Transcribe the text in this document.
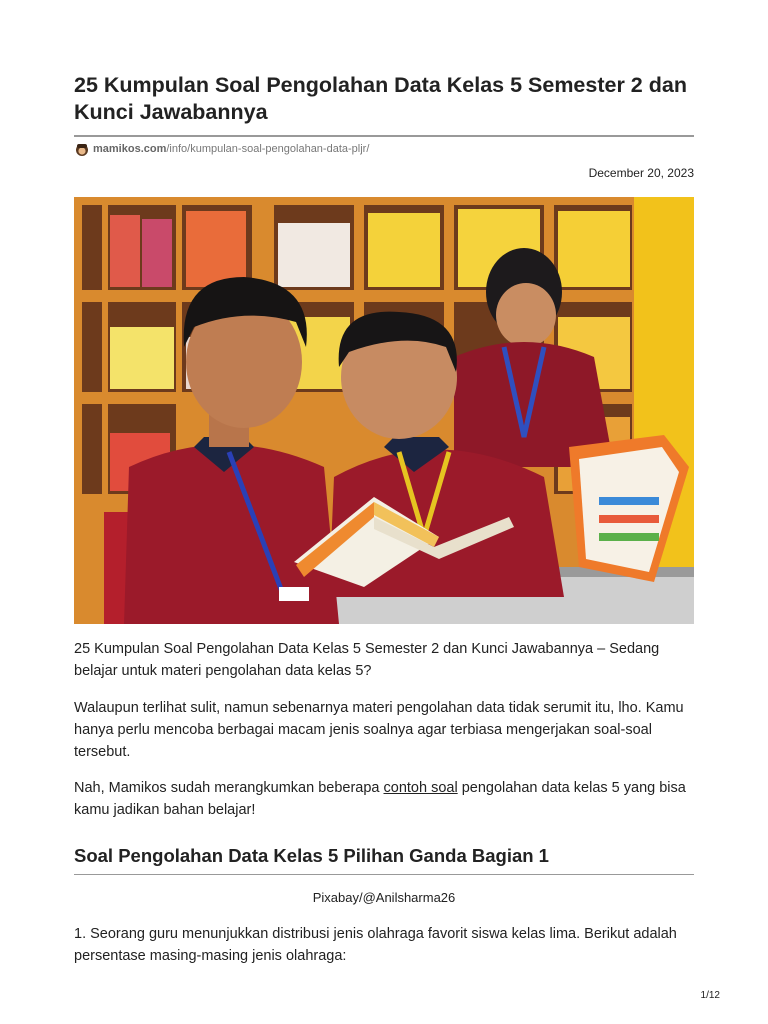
25 Kumpulan Soal Pengolahan Data Kelas 5 Semester 2 dan Kunci Jawabannya
mamikos.com /info/kumpulan-soal-pengolahan-data-pljr/
December 20, 2023

25 Kumpulan Soal Pengolahan Data Kelas 5 Semester 2 dan Kunci Jawabannya – Sedang belajar untuk materi pengolahan data kelas 5?

Walaupun terlihat sulit, namun sebenarnya materi pengolahan data tidak serumit itu, lho. Kamu hanya perlu mencoba berbagai macam jenis soalnya agar terbiasa mengerjakan soal-soal tersebut.

Nah, Mamikos sudah merangkumkan beberapa contoh soal pengolahan data kelas 5 yang bisa kamu jadikan bahan belajar!

Soal Pengolahan Data Kelas 5 Pilihan Ganda Bagian 1
Pixabay/@Anilsharma26

1. Seorang guru menunjukkan distribusi jenis olahraga favorit siswa kelas lima. Berikut adalah persentase masing-masing jenis olahraga:

1/12
